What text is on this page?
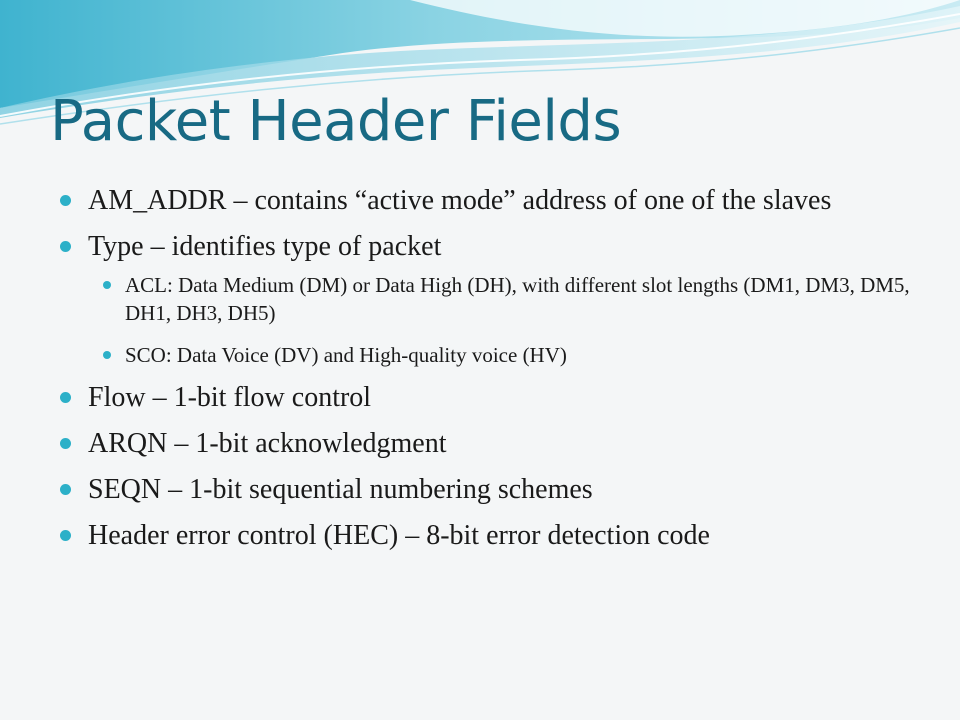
Packet Header Fields
AM_ADDR – contains “active mode” address of one of the slaves
Type – identifies type of packet
ACL: Data Medium (DM) or Data High (DH), with different slot lengths (DM1, DM3, DM5, DH1, DH3, DH5)
SCO: Data Voice (DV) and High-quality voice (HV)
Flow – 1-bit flow control
ARQN – 1-bit acknowledgment
SEQN – 1-bit sequential numbering schemes
Header error control (HEC) – 8-bit error detection code
